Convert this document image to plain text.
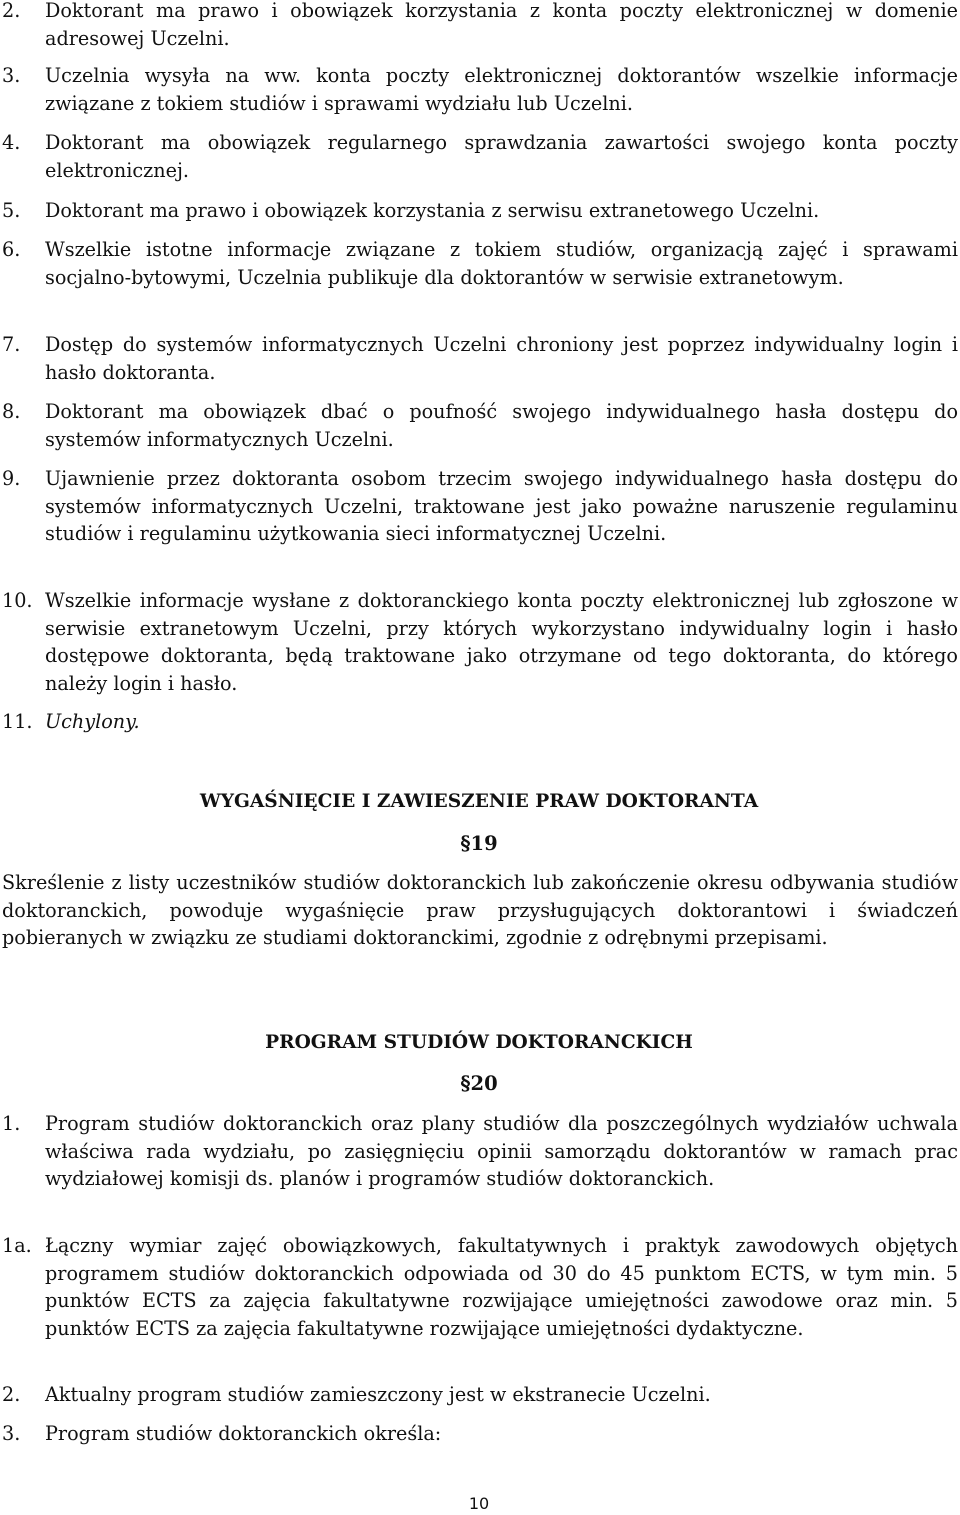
2. Doktorant ma prawo i obowiązek korzystania z konta poczty elektronicznej w domenie adresowej Uczelni.
3. Uczelnia wysyła na ww. konta poczty elektronicznej doktorantów wszelkie informacje związane z tokiem studiów i sprawami wydziału lub Uczelni.
4. Doktorant ma obowiązek regularnego sprawdzania zawartości swojego konta poczty elektronicznej.
5. Doktorant ma prawo i obowiązek korzystania z serwisu extranetowego Uczelni.
6. Wszelkie istotne informacje związane z tokiem studiów, organizacją zajęć i sprawami socjalno-bytowymi, Uczelnia publikuje dla doktorantów w serwisie extranetowym.
7. Dostęp do systemów informatycznych Uczelni chroniony jest poprzez indywidualny login i hasło doktoranta.
8. Doktorant ma obowiązek dbać o poufność swojego indywidualnego hasła dostępu do systemów informatycznych Uczelni.
9. Ujawnienie przez doktoranta osobom trzecim swojego indywidualnego hasła dostępu do systemów informatycznych Uczelni, traktowane jest jako poważne naruszenie regulaminu studiów i regulaminu użytkowania sieci informatycznej Uczelni.
10. Wszelkie informacje wysłane z doktoranckiego konta poczty elektronicznej lub zgłoszone w serwisie extranetowym Uczelni, przy których wykorzystano indywidualny login i hasło dostępowe doktoranta, będą traktowane jako otrzymane od tego doktoranta, do którego należy login i hasło.
11. Uchylony.
WYGAŚNIĘCIE I ZAWIESZENIE PRAW DOKTORANTA
§19
Skreślenie z listy uczestników studiów doktoranckich lub zakończenie okresu odbywania studiów doktoranckich, powoduje wygaśnięcie praw przysługujących doktorantowi i świadczeń pobieranych w związku ze studiami doktoranckimi, zgodnie z odrębnymi przepisami.
PROGRAM STUDIÓW DOKTORANCKICH
§20
1. Program studiów doktoranckich oraz plany studiów dla poszczególnych wydziałów uchwala właściwa rada wydziału, po zasięgnięciu opinii samorządu doktorantów w ramach prac wydziałowej komisji ds. planów i programów studiów doktoranckich.
1a. Łączny wymiar zajęć obowiązkowych, fakultatywnych i praktyk zawodowych objętych programem studiów doktoranckich odpowiada od 30 do 45 punktom ECTS, w tym min. 5 punktów ECTS za zajęcia fakultatywne rozwijające umiejętności zawodowe oraz min. 5 punktów ECTS za zajęcia fakultatywne rozwijające umiejętności dydaktyczne.
2. Aktualny program studiów zamieszczony jest w ekstranecie Uczelni.
3. Program studiów doktoranckich określa:
10
